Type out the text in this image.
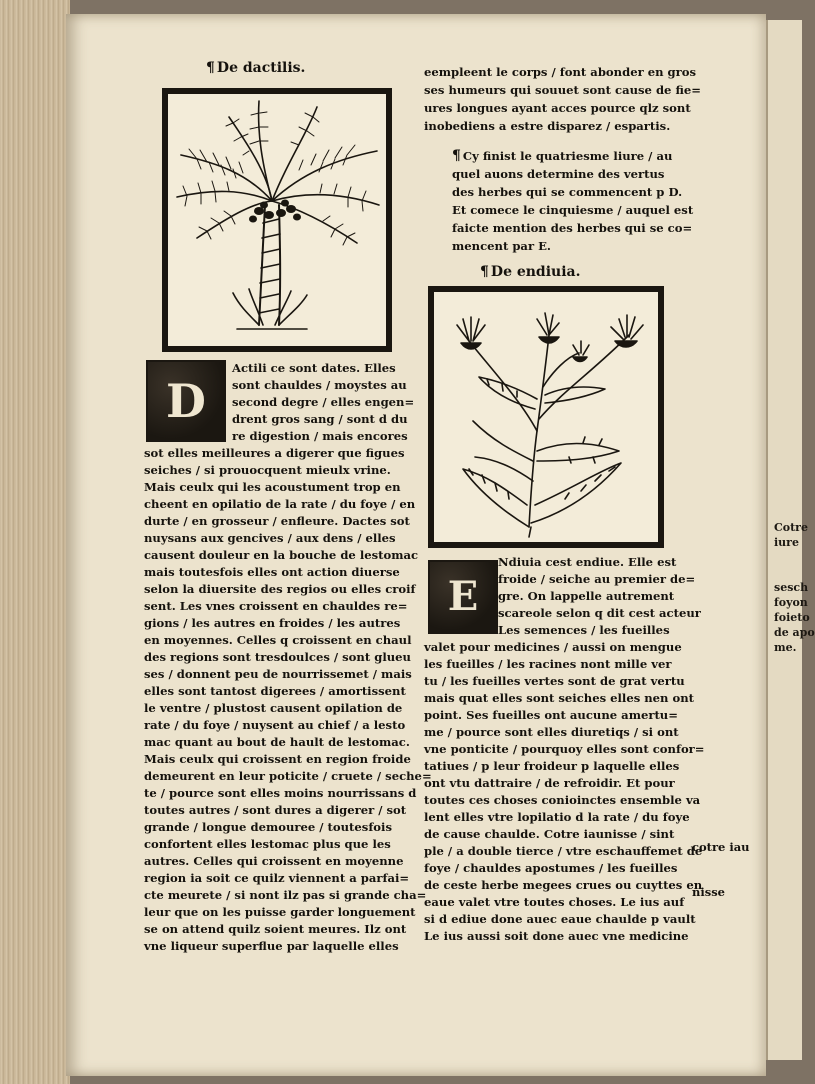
Cotre
iure
sesch
foyon
foieto
de apo
me.
¶ De dactilis.
D
Actili ce sont dates. Elles
sont chauldes / moystes au
second degre / elles engen=
drent gros sang / sont d du
re digestion / mais encores
sot elles meilleures a digerer que figues
seiches / si prouocquent mieulx vrine.
Mais ceulx qui les acoustument trop en
cheent en opilatio de la rate / du foye / en
durte / en grosseur / enfleure. Dactes sot
nuysans aux gencives / aux dens / elles
causent douleur en la bouche de lestomac
mais toutesfois elles ont action diuerse
selon la diuersite des regios ou elles croif
sent. Les vnes croissent en chauldes re=
gions / les autres en froides / les autres
en moyennes. Celles q croissent en chaul
des regions sont tresdoulces / sont glueu
ses / donnent peu de nourrissemet / mais
elles sont tantost digerees / amortissent
le ventre / plustost causent opilation de
rate / du foye / nuysent au chief / a lesto
mac quant au bout de hault de lestomac.
Mais ceulx qui croissent en region froide
demeurent en leur poticite / cruete / seche=
te / pource sont elles moins nourrissans d
toutes autres / sont dures a digerer / sot
grande / longue demouree / toutesfois
confortent elles lestomac plus que les
autres. Celles qui croissent en moyenne
region ia soit ce quilz viennent a parfai=
cte meurete / si nont ilz pas si grande cha=
leur que on les puisse garder longuement
se on attend quilz soient meures. Ilz ont
vne liqueur superflue par laquelle elles
eempleent le corps / font abonder en gros
ses humeurs qui souuet sont cause de fie=
ures longues ayant acces pource qlz sont
inobediens a estre disparez / espartis.
¶ Cy finist le quatriesme liure / au
quel auons determine des vertus
des herbes qui se commencent p D.
Et comece le cinquiesme / auquel est
faicte mention des herbes qui se co=
mencent par E.
¶ De endiuia.
E
Ndiuia cest endiue. Elle est
froide / seiche au premier de=
gre. On lappelle autrement
scareole selon q dit cest acteur
Les semences / les fueilles
valet pour medicines / aussi on mengue
les fueilles / les racines nont mille ver
tu / les fueilles vertes sont de grat vertu
mais quat elles sont seiches elles nen ont
point. Ses fueilles ont aucune amertu=
me / pource sont elles diuretiqs / si ont
vne ponticite / pourquoy elles sont confor=
tatiues / p leur froideur p laquelle elles
ont vtu dattraire / de refroidir. Et pour
toutes ces choses conioinctes ensemble va
lent elles vtre lopilatio d la rate / du foye
de cause chaulde. Cotre iaunisse / sint
ple / a double tierce / vtre eschauffemet de
foye / chauldes apostumes / les fueilles
de ceste herbe megees crues ou cuyttes en
eaue valet vtre toutes choses. Le ius auf
si d ediue done auec eaue chaulde p vault
Le ius aussi soit done auec vne medicine

cotre iau

nisse
